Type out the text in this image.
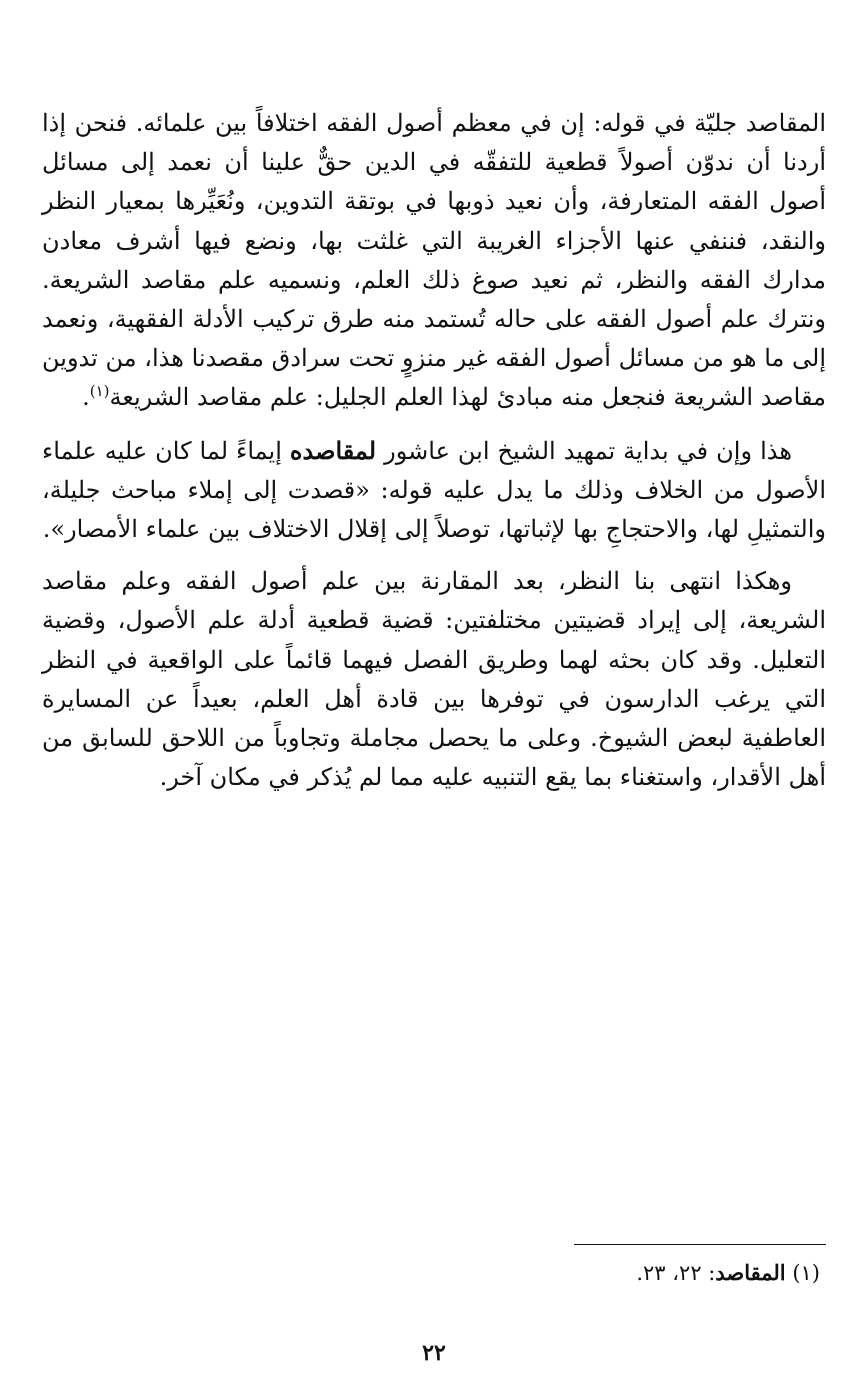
المقاصد جليّة في قوله: إن في معظم أصول الفقه اختلافاً بين علمائه. فنحن إذا أردنا أن ندوّن أصولاً قطعية للتفقّه في الدين حقٌّ علينا أن نعمد إلى مسائل أصول الفقه المتعارفة، وأن نعيد ذوبها في بوتقة التدوين، ونُعَيِّرها بمعيار النظر والنقد، فننفي عنها الأجزاء الغريبة التي غلثت بها، ونضع فيها أشرف معادن مدارك الفقه والنظر، ثم نعيد صوغ ذلك العلم، ونسميه علم مقاصد الشريعة. ونترك علم أصول الفقه على حاله تُستمد منه طرق تركيب الأدلة الفقهية، ونعمد إلى ما هو من مسائل أصول الفقه غير منزوٍ تحت سرادق مقصدنا هذا، من تدوين مقاصد الشريعة فنجعل منه مبادئ لهذا العلم الجليل: علم مقاصد الشريعة$^{(١)}$.

هذا وإن في بداية تمهيد الشيخ ابن عاشور لمقاصده إيماءً لما كان عليه علماء الأصول من الخلاف وذلك ما يدل عليه قوله: «قصدت إلى إملاء مباحث جليلة، والتمثيلِ لها، والاحتجاجِ بها لإثباتها، توصلاً إلى إقلال الاختلاف بين علماء الأمصار».

وهكذا انتهى بنا النظر، بعد المقارنة بين علم أصول الفقه وعلم مقاصد الشريعة، إلى إيراد قضيتين مختلفتين: قضية قطعية أدلة علم الأصول، وقضية التعليل. وقد كان بحثه لهما وطريق الفصل فيهما قائماً على الواقعية في النظر التي يرغب الدارسون في توفرها بين قادة أهل العلم، بعيداً عن المسايرة العاطفية لبعض الشيوخ. وعلى ما يحصل مجاملة وتجاوباً من اللاحق للسابق من أهل الأقدار، واستغناء بما يقع التنبيه عليه مما لم يُذكر في مكان آخر.

(١) المقاصد: ٢٢، ٢٣.
٢٢
